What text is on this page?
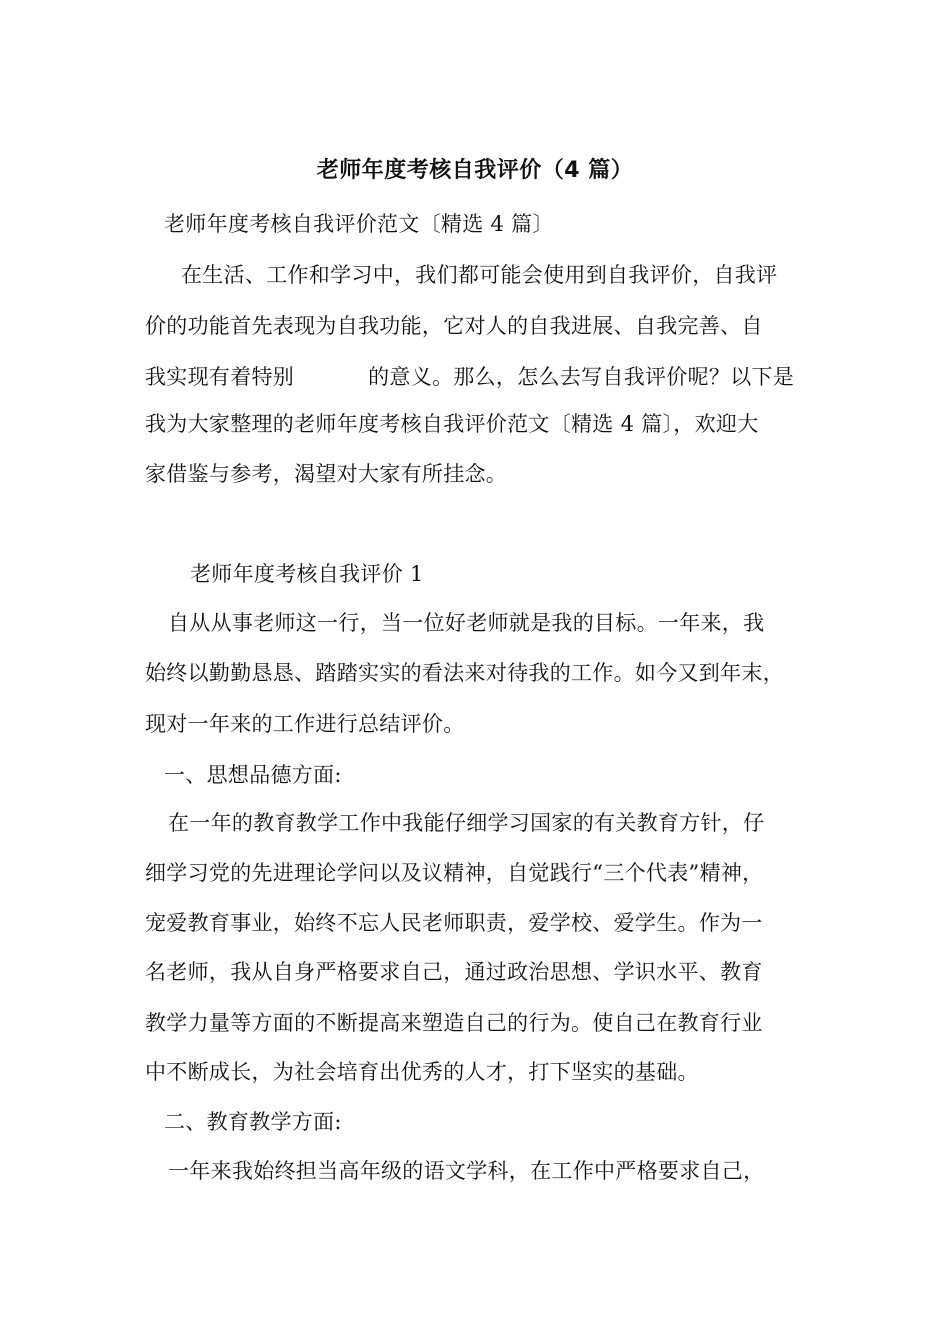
老师年度考核自我评价（4 篇）
老师年度考核自我评价范文〔精选 4 篇〕
在生活、工作和学习中，我们都可能会使用到自我评价，自我评
价的功能首先表现为自我功能，它对人的自我进展、自我完善、自
我实现有着特别	的意义。那么，怎么去写自我评价呢？以下是
我为大家整理的老师年度考核自我评价范文〔精选 4 篇〕，欢迎大
家借鉴与参考，渴望对大家有所挂念。
老师年度考核自我评价 1
自从从事老师这一行，当一位好老师就是我的目标。一年来，我
始终以勤勤恳恳、踏踏实实的看法来对待我的工作。如今又到年末，
现对一年来的工作进行总结评价。
一、思想品德方面:
在一年的教育教学工作中我能仔细学习国家的有关教育方针，仔
细学习党的先进理论学问以及议精神，自觉践行“三个代表”精神，
宠爱教育事业，始终不忘人民老师职责，爱学校、爱学生。作为一
名老师，我从自身严格要求自己，通过政治思想、学识水平、教育
教学力量等方面的不断提高来塑造自己的行为。使自己在教育行业
中不断成长，为社会培育出优秀的人才，打下坚实的基础。
二、教育教学方面:
一年来我始终担当高年级的语文学科，在工作中严格要求自己，
